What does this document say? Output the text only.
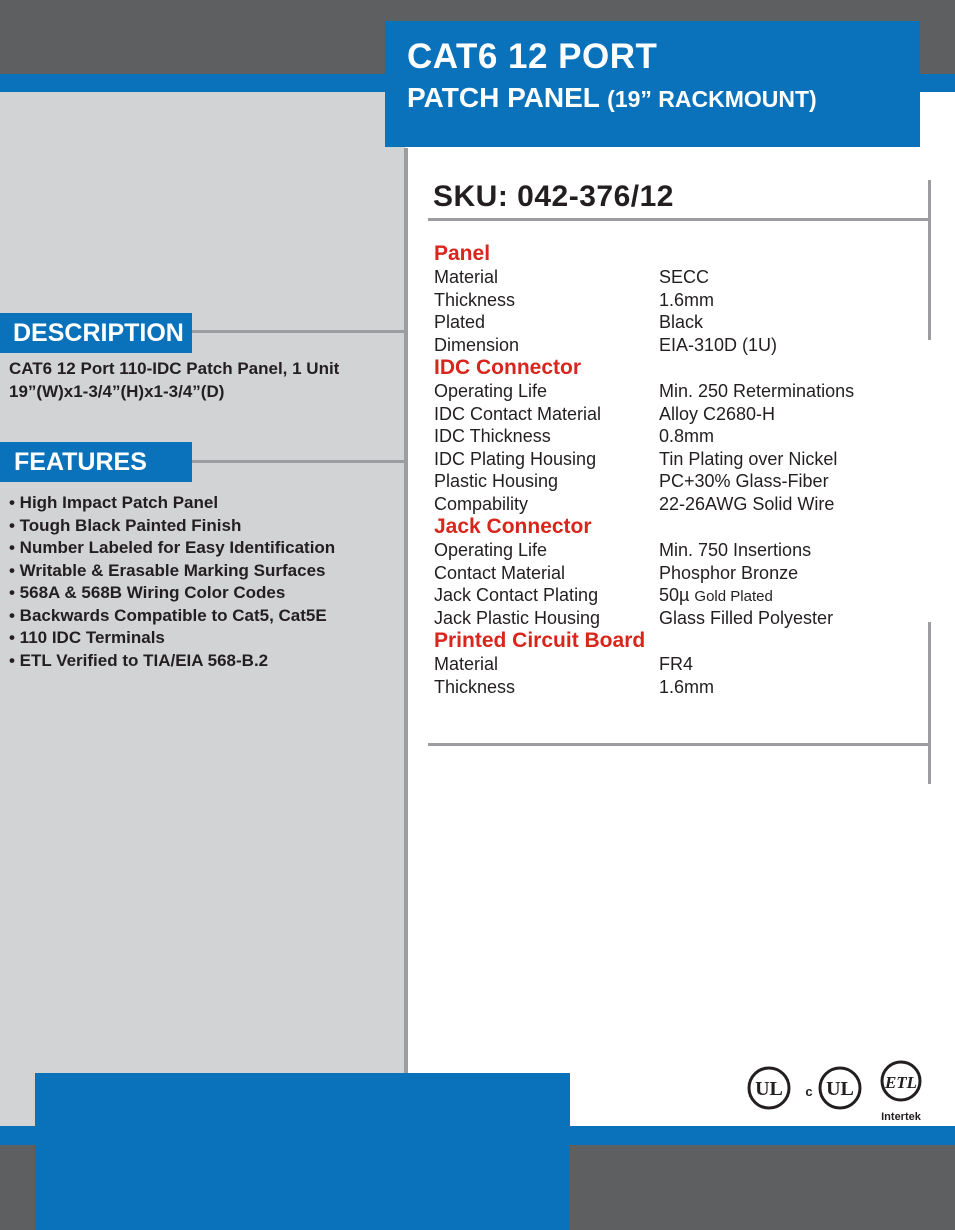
CAT6 12 PORT
PATCH PANEL (19” RACKMOUNT)
SKU: 042-376/12
Panel
Material	SECC
Thickness	1.6mm
Plated	Black
Dimension	EIA-310D (1U)
IDC Connector
Operating Life	Min. 250 Reterminations
IDC Contact Material	Alloy C2680-H
IDC Thickness	0.8mm
IDC Plating Housing	Tin Plating over Nickel
Plastic Housing	PC+30% Glass-Fiber
Compability	22-26AWG Solid Wire
Jack Connector
Operating Life	Min. 750 Insertions
Contact Material	Phosphor Bronze
Jack Contact Plating	50µ Gold Plated
Jack Plastic Housing	Glass Filled Polyester
Printed Circuit Board
Material	FR4
Thickness	1.6mm
DESCRIPTION
CAT6 12 Port 110-IDC Patch Panel, 1 Unit
19”(W)x1-3/4”(H)x1-3/4”(D)
FEATURES
• High Impact Patch Panel
• Tough Black Painted Finish
• Number Labeled for Easy Identification
• Writable & Erasable Marking Surfaces
• 568A & 568B Wiring Color Codes
• Backwards Compatible to Cat5, Cat5E
• 110 IDC Terminals
• ETL Verified to TIA/EIA 568-B.2
UL c UL ETL
Intertek
